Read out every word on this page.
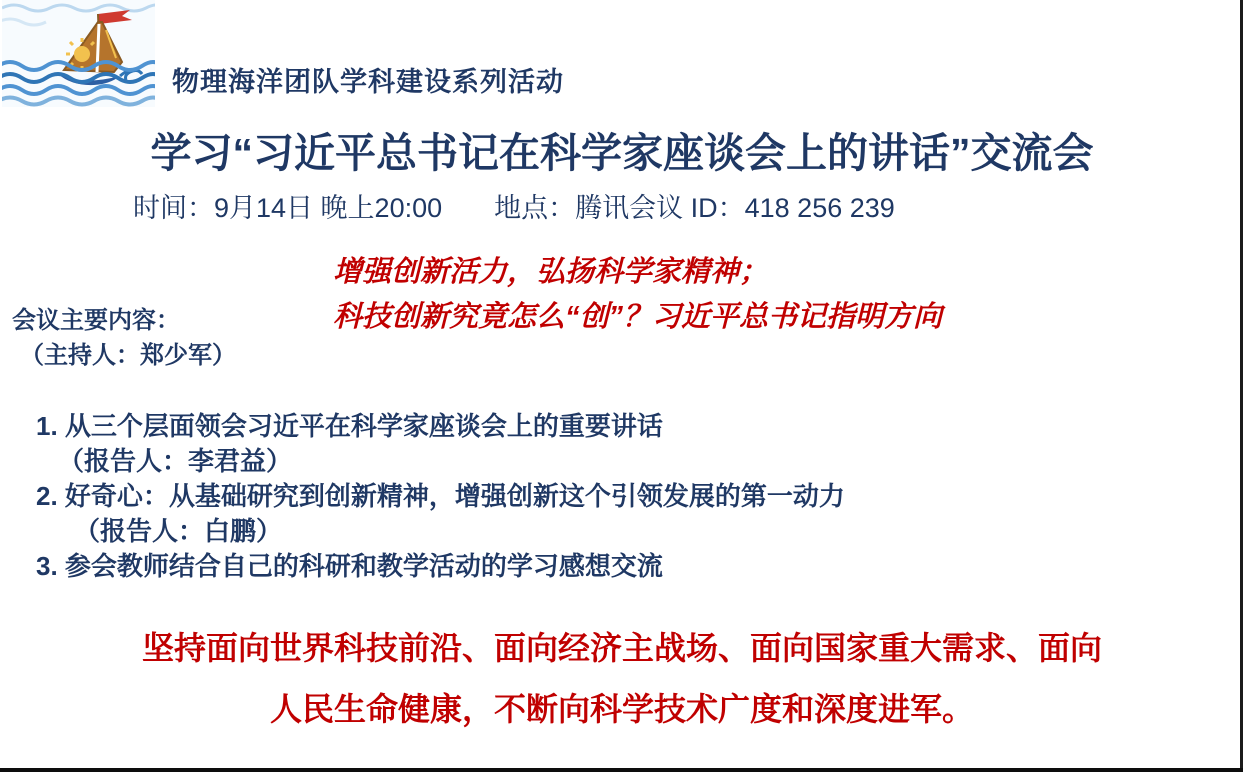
物理海洋团队学科建设系列活动
学习“习近平总书记在科学家座谈会上的讲话”交流会
时间：9月14日 晚上20:00 地点：腾讯会议 ID：418 256 239
增强创新活力，弘扬科学家精神；
科技创新究竟怎么“创”？习近平总书记指明方向
会议主要内容：
（主持人：郑少军）
1. 从三个层面领会习近平在科学家座谈会上的重要讲话
（报告人：李君益）
2. 好奇心：从基础研究到创新精神，增强创新这个引领发展的第一动力
（报告人：白鹏）
3. 参会教师结合自己的科研和教学活动的学习感想交流
坚持面向世界科技前沿、面向经济主战场、面向国家重大需求、面向
人民生命健康，不断向科学技术广度和深度进军。
